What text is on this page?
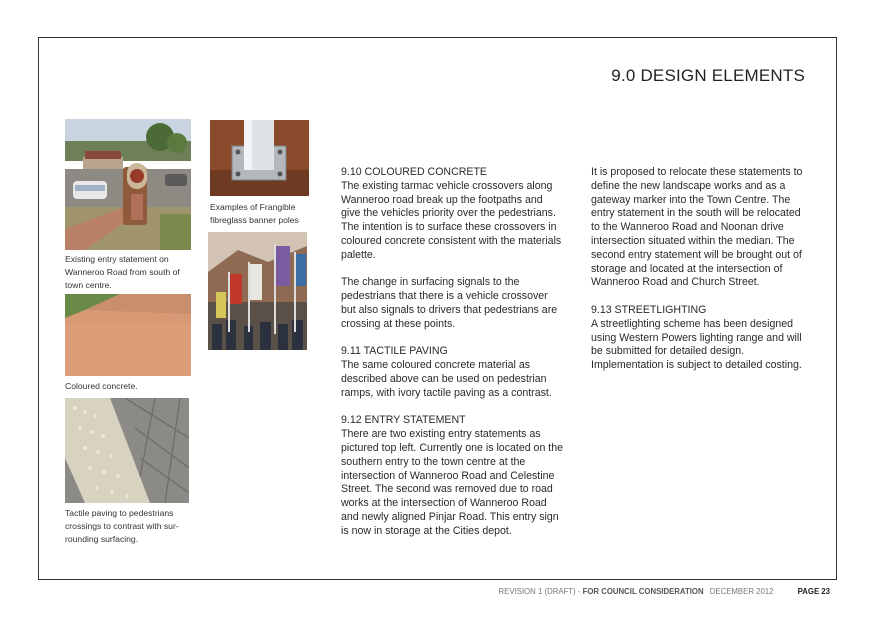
9.0 DESIGN ELEMENTS
Existing entry statement on Wanneroo Road from south of town centre.
Coloured concrete.
Tactile paving to pedestrians crossings to contrast with sur-rounding surfacing.
Examples of Frangible fibreglass banner poles

9.10 COLOURED CONCRETE
The existing tarmac vehicle crossovers along Wanneroo road break up the footpaths and give the vehicles priority over the pedestrians. The intention is to surface these crossovers in coloured concrete consistent with the materials palette.

The change in surfacing signals to the pedestrians that there is a vehicle crossover but also signals to drivers that pedestrians are crossing at these points.

9.11 TACTILE PAVING
The same coloured concrete material as described above can be used on pedestrian ramps, with ivory tactile paving as a contrast.

9.12 ENTRY STATEMENT
There are two existing entry statements as pictured top left. Currently one is located on the southern entry to the town centre at the intersection of Wanneroo Road and Celestine Street. The second was removed due to road works at the intersection of Wanneroo Road and newly aligned Pinjar Road. This entry sign is now in storage at the Cities depot.

It is proposed to relocate these statements to define the new landscape works and as a gateway marker into the Town Centre. The entry statement in the south will be relocated to the Wanneroo Road and Noonan drive intersection situated within the median. The second entry statement will be brought out of storage and located at the intersection of Wanneroo Road and Church Street.

9.13 STREETLIGHTING
A streetlighting scheme has been designed using Western Powers lighting range and will be submitted for detailed design. Implementation is subject to detailed costing.

REVISION 1 (DRAFT) - FOR COUNCIL CONSIDERATION DECEMBER 2012	PAGE 23
